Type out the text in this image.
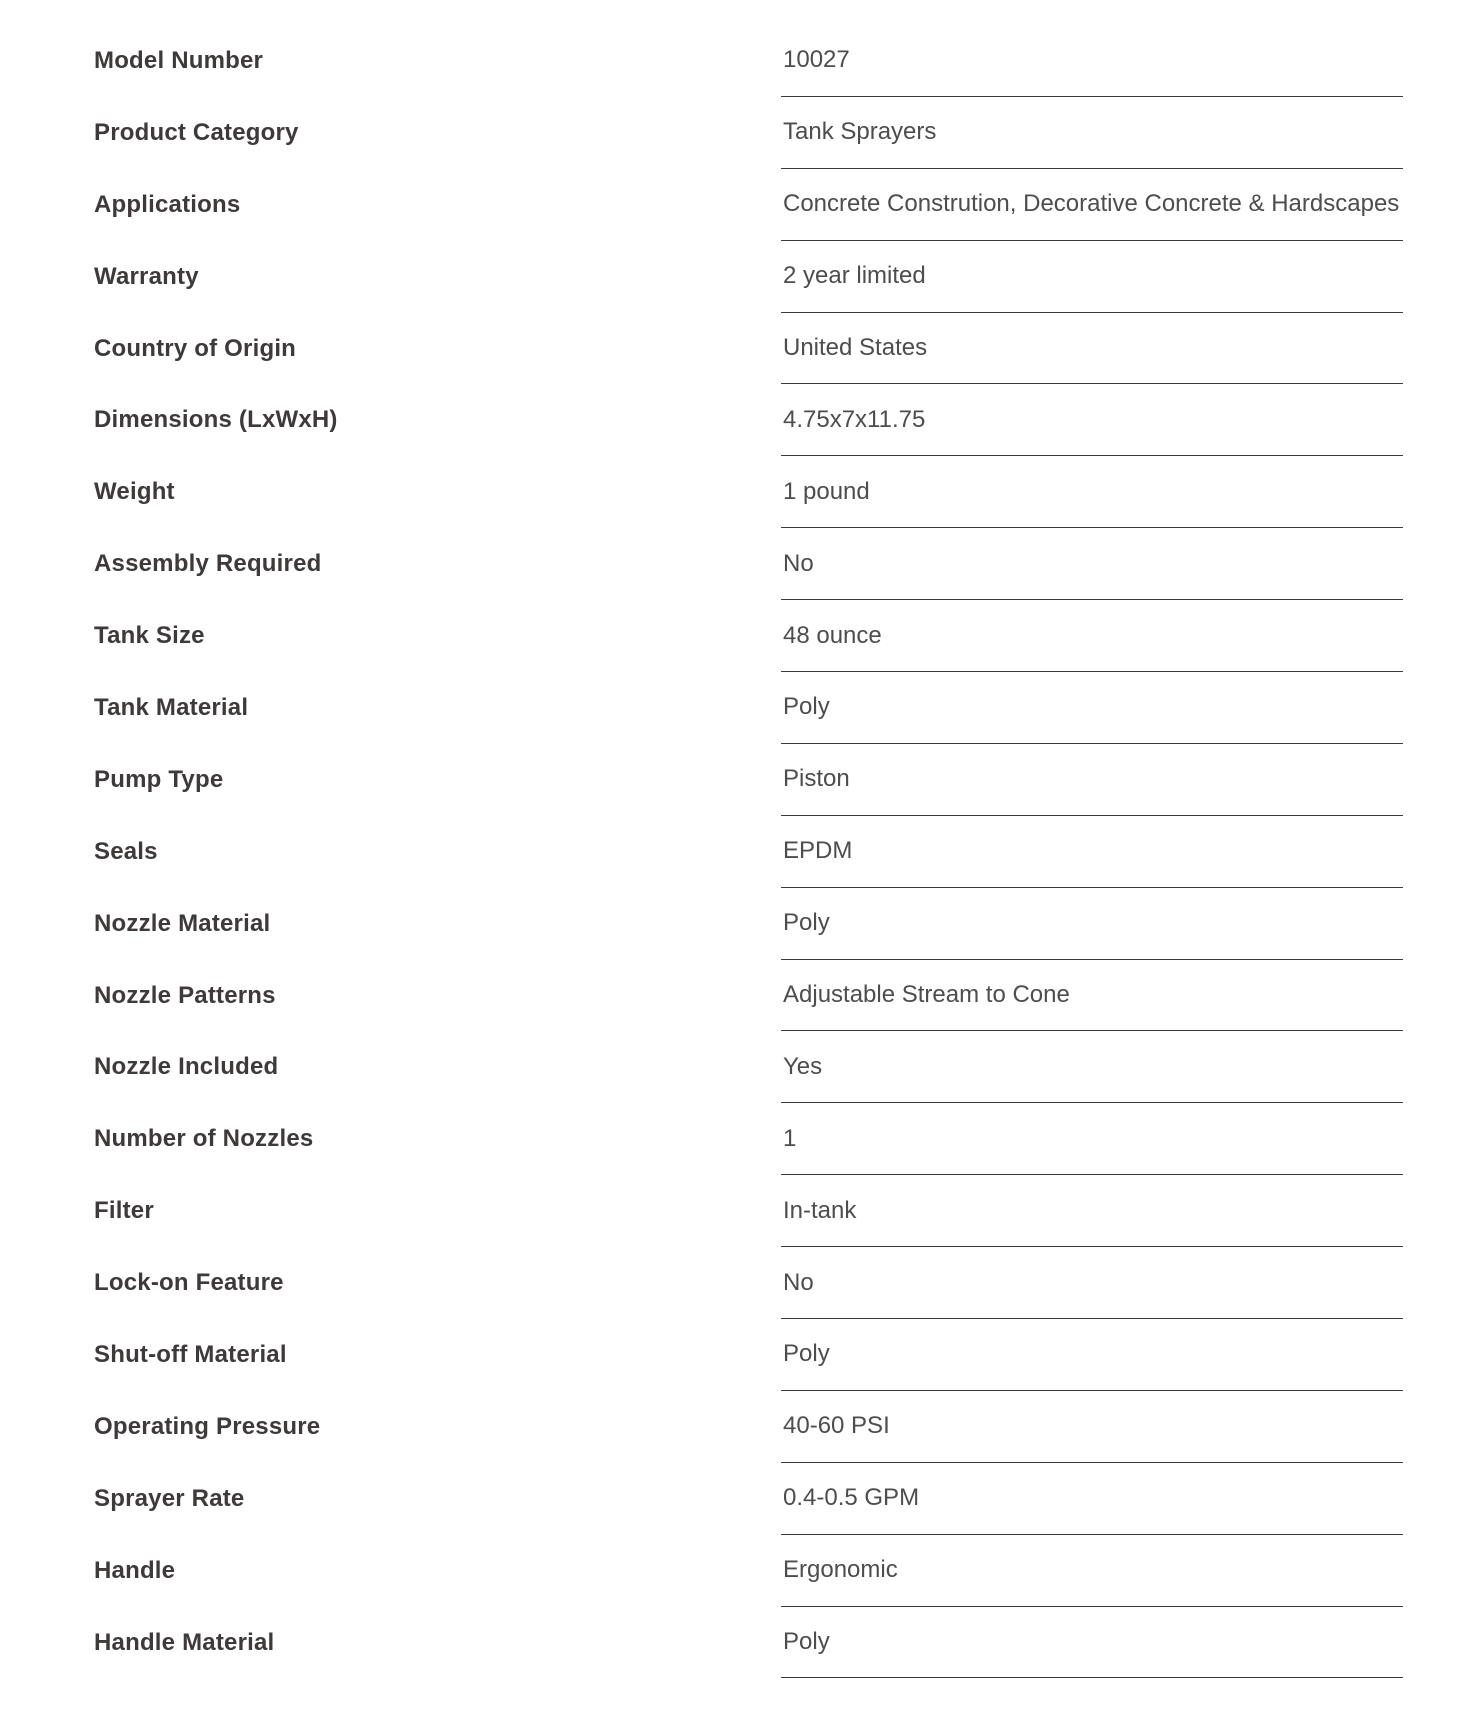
Model Number	10027
Product Category	Tank Sprayers
Applications	Concrete Constrution, Decorative Concrete & Hardscapes
Warranty	2 year limited
Country of Origin	United States
Dimensions (LxWxH)	4.75x7x11.75
Weight	1 pound
Assembly Required	No
Tank Size	48 ounce
Tank Material	Poly
Pump Type	Piston
Seals	EPDM
Nozzle Material	Poly
Nozzle Patterns	Adjustable Stream to Cone
Nozzle Included	Yes
Number of Nozzles	1
Filter	In-tank
Lock-on Feature	No
Shut-off Material	Poly
Operating Pressure	40-60 PSI
Sprayer Rate	0.4-0.5 GPM
Handle	Ergonomic
Handle Material	Poly
